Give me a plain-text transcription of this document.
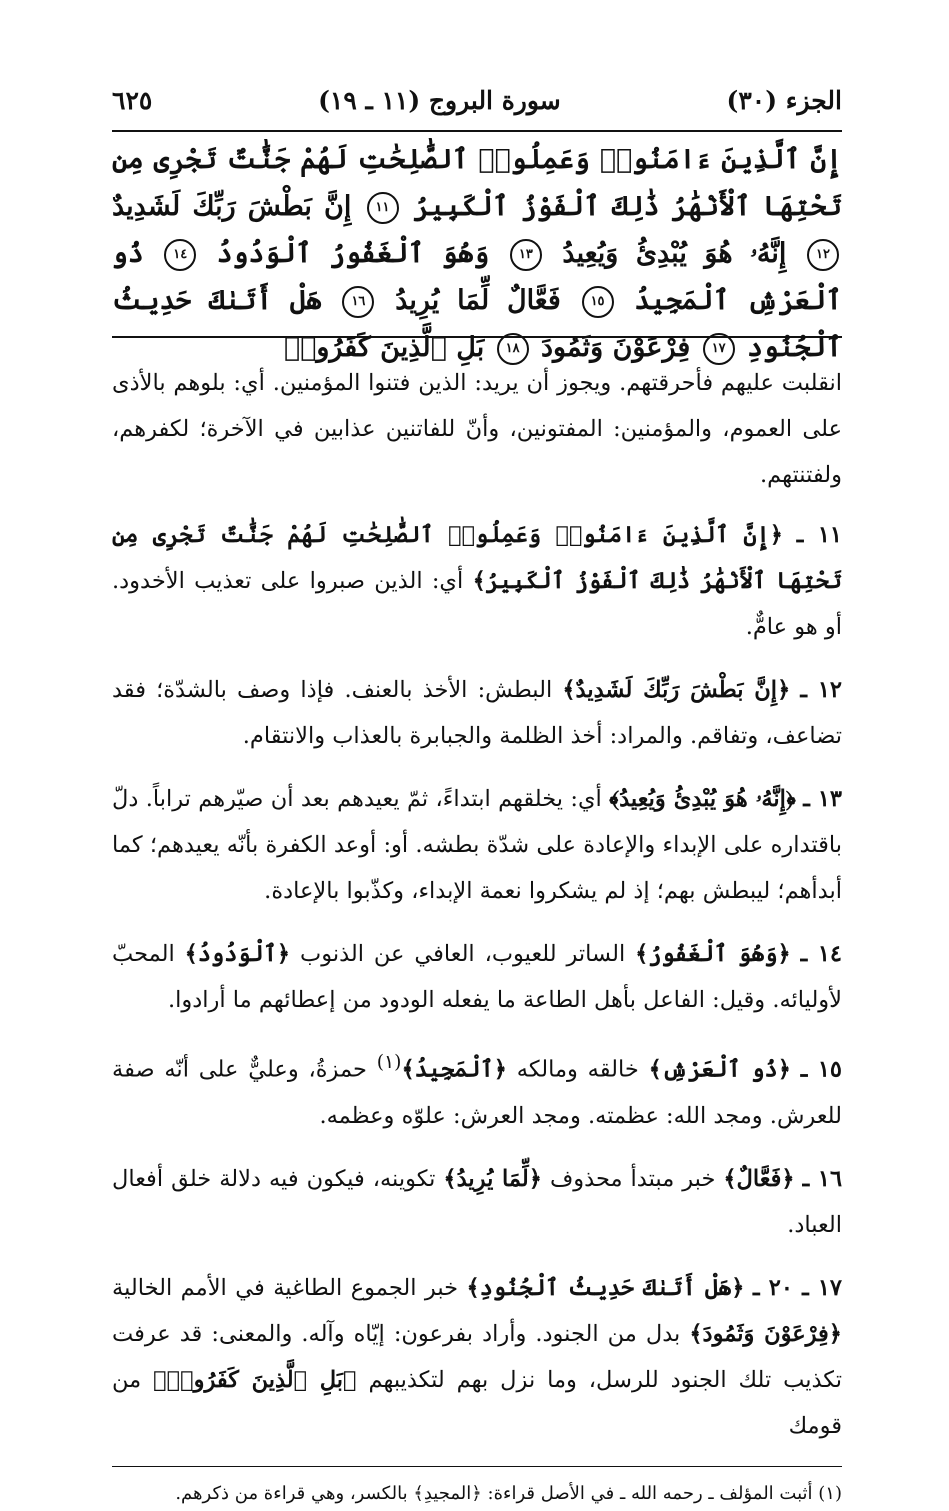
الجزء (٣٠)
سورة البروج (١١ ـ ١٩)
٦٢٥
إِنَّ ٱلَّذِينَ ءَامَنُوا۟ وَعَمِلُوا۟ ٱلصَّٰلِحَٰتِ لَهُمْ جَنَّٰتٌ تَجْرِى مِن تَحْتِهَا ٱلْأَنْهَٰرُ ذَٰلِكَ ٱلْفَوْزُ ٱلْكَبِيرُ ١١ إِنَّ بَطْشَ رَبِّكَ لَشَدِيدٌ ١٢ إِنَّهُۥ هُوَ يُبْدِئُ وَيُعِيدُ ١٣ وَهُوَ ٱلْغَفُورُ ٱلْوَدُودُ ١٤ ذُو ٱلْعَرْشِ ٱلْمَجِيدُ ١٥ فَعَّالٌ لِّمَا يُرِيدُ ١٦ هَلْ أَتَىٰكَ حَدِيثُ ٱلْجُنُودِ ١٧ فِرْعَوْنَ وَثَمُودَ ١٨ بَلِ ٱلَّذِينَ كَفَرُوا۟

انقلبت عليهم فأحرقتهم. ويجوز أن يريد: الذين فتنوا المؤمنين. أي: بلوهم بالأذى على العموم، والمؤمنين: المفتونين، وأنّ للفاتنين عذابين في الآخرة؛ لكفرهم، ولفتنتهم.

١١ ـ ﴿إِنَّ ٱلَّذِينَ ءَامَنُوا۟ وَعَمِلُوا۟ ٱلصَّٰلِحَٰتِ لَهُمْ جَنَّٰتٌ تَجْرِى مِن تَحْتِهَا ٱلْأَنْهَٰرُ ذَٰلِكَ ٱلْفَوْزُ ٱلْكَبِيرُ﴾ أي: الذين صبروا على تعذيب الأخدود. أو هو عامٌّ.

١٢ ـ ﴿إِنَّ بَطْشَ رَبِّكَ لَشَدِيدٌ﴾ البطش: الأخذ بالعنف. فإذا وصف بالشدّة؛ فقد تضاعف، وتفاقم. والمراد: أخذ الظلمة والجبابرة بالعذاب والانتقام.

١٣ ـ ﴿إِنَّهُۥ هُوَ يُبْدِئُ وَيُعِيدُ﴾ أي: يخلقهم ابتداءً، ثمّ يعيدهم بعد أن صيّرهم تراباً. دلّ باقتداره على الإبداء والإعادة على شدّة بطشه. أو: أوعد الكفرة بأنّه يعيدهم؛ كما أبدأهم؛ ليبطش بهم؛ إذ لم يشكروا نعمة الإبداء، وكذّبوا بالإعادة.

١٤ ـ ﴿وَهُوَ ٱلْغَفُورُ﴾ الساتر للعيوب، العافي عن الذنوب ﴿ٱلْوَدُودُ﴾ المحبّ لأوليائه. وقيل: الفاعل بأهل الطاعة ما يفعله الودود من إعطائهم ما أرادوا.

١٥ ـ ﴿ذُو ٱلْعَرْشِ﴾ خالقه ومالكه ﴿ٱلْمَجِيدُ﴾$^{(١)}$ حمزةُ، وعليٌّ على أنّه صفة للعرش. ومجد الله: عظمته. ومجد العرش: علوّه وعظمه.

١٦ ـ ﴿فَعَّالٌ﴾ خبر مبتدأ محذوف ﴿لِّمَا يُرِيدُ﴾ تكوينه، فيكون فيه دلالة خلق أفعال العباد.

١٧ ـ ٢٠ ـ ﴿هَلْ أَتَىٰكَ حَدِيثُ ٱلْجُنُودِ﴾ خبر الجموع الطاغية في الأمم الخالية ﴿فِرْعَوْنَ وَثَمُودَ﴾ بدل من الجنود. وأراد بفرعون: إيّاه وآله. والمعنى: قد عرفت تكذيب تلك الجنود للرسل، وما نزل بهم لتكذيبهم ﴿بَلِ ٱلَّذِينَ كَفَرُوا۟﴾ من قومك

(١) أثبت المؤلف ـ رحمه الله ـ في الأصل قراءة: ﴿المجيدِ﴾ بالكسر، وهي قراءة من ذكرهم.
